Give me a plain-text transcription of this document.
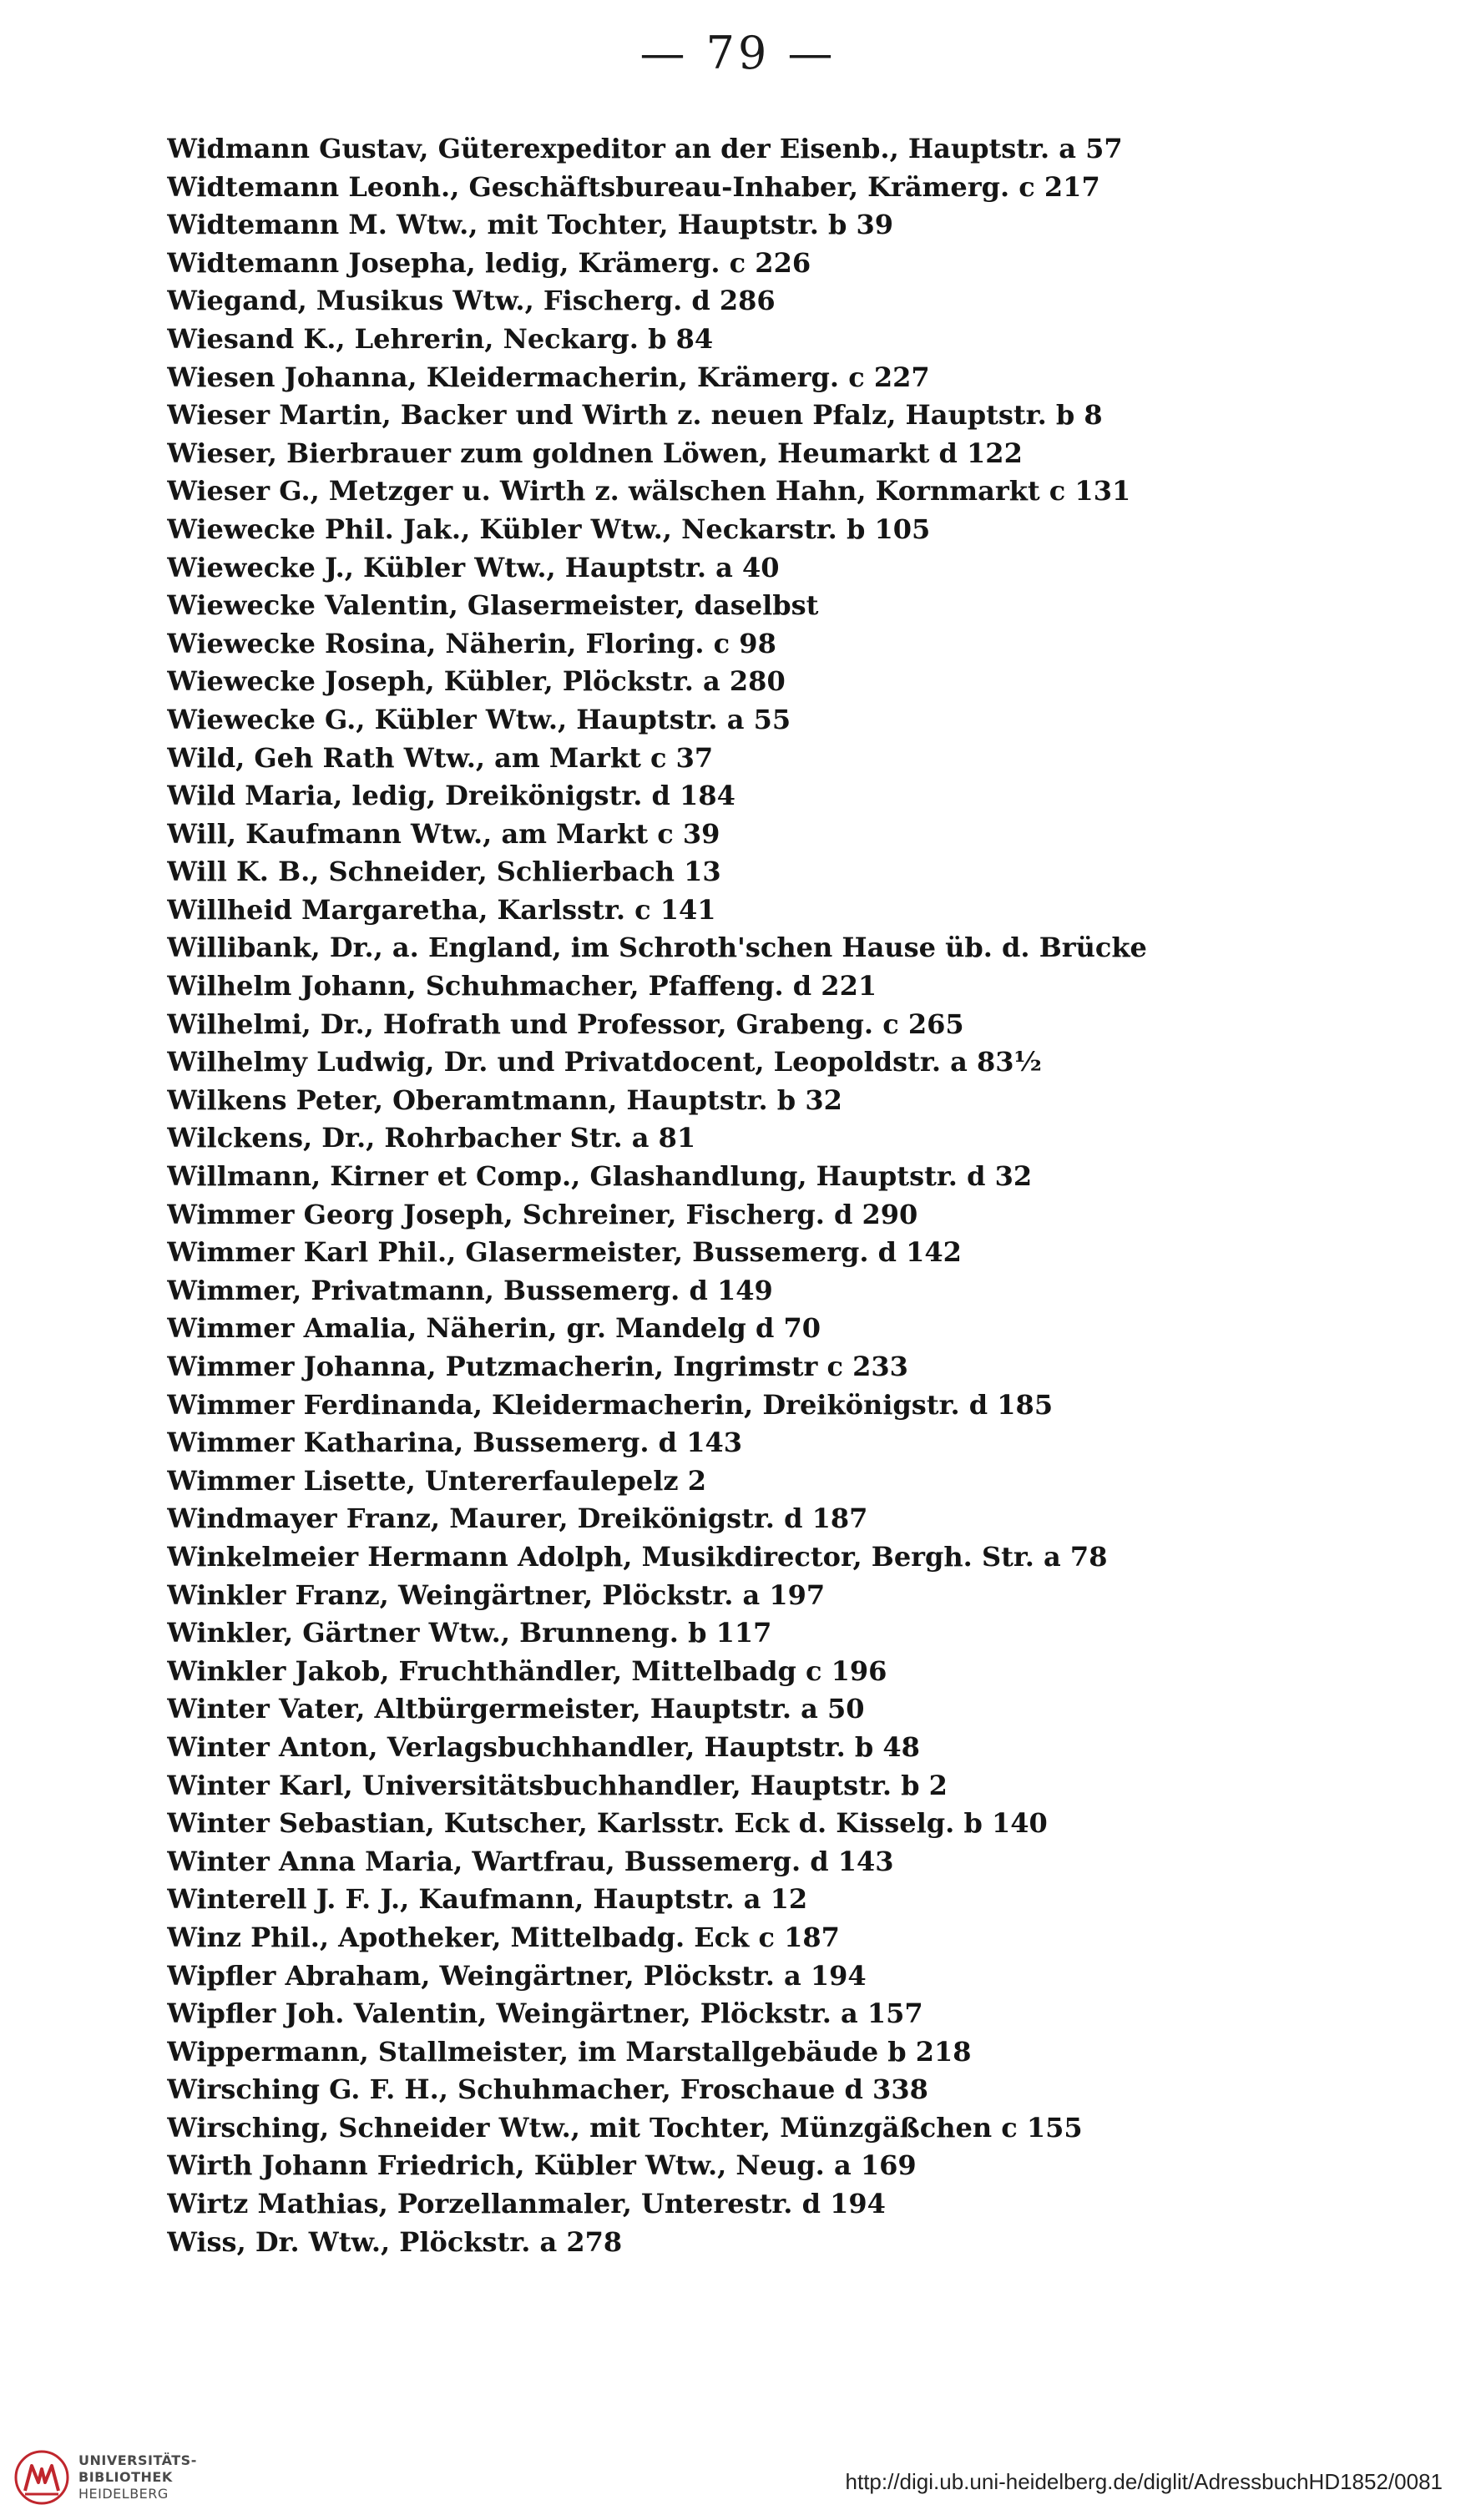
— 79 —
Widmann Gustav, Güterexpeditor an der Eisenb., Hauptstr. a 57
Widtemann Leonh., Geschäftsbureau-Inhaber, Krämerg. c 217
Widtemann M. Wtw., mit Tochter, Hauptstr. b 39
Widtemann Josepha, ledig, Krämerg. c 226
Wiegand, Musikus Wtw., Fischerg. d 286
Wiesand K., Lehrerin, Neckarg. b 84
Wiesen Johanna, Kleidermacherin, Krämerg. c 227
Wieser Martin, Backer und Wirth z. neuen Pfalz, Hauptstr. b 8
Wieser, Bierbrauer zum goldnen Löwen, Heumarkt d 122
Wieser G., Metzger u. Wirth z. wälschen Hahn, Kornmarkt c 131
Wiewecke Phil. Jak., Kübler Wtw., Neckarstr. b 105
Wiewecke J., Kübler Wtw., Hauptstr. a 40
Wiewecke Valentin, Glasermeister, daselbst
Wiewecke Rosina, Näherin, Floring. c 98
Wiewecke Joseph, Kübler, Plöckstr. a 280
Wiewecke G., Kübler Wtw., Hauptstr. a 55
Wild, Geh Rath Wtw., am Markt c 37
Wild Maria, ledig, Dreikönigstr. d 184
Will, Kaufmann Wtw., am Markt c 39
Will K. B., Schneider, Schlierbach 13
Willheid Margaretha, Karlsstr. c 141
Willibank, Dr., a. England, im Schroth'schen Hause üb. d. Brücke
Wilhelm Johann, Schuhmacher, Pfaffeng. d 221
Wilhelmi, Dr., Hofrath und Professor, Grabeng. c 265
Wilhelmy Ludwig, Dr. und Privatdocent, Leopoldstr. a 83½
Wilkens Peter, Oberamtmann, Hauptstr. b 32
Wilckens, Dr., Rohrbacher Str. a 81
Willmann, Kirner et Comp., Glashandlung, Hauptstr. d 32
Wimmer Georg Joseph, Schreiner, Fischerg. d 290
Wimmer Karl Phil., Glasermeister, Bussemerg. d 142
Wimmer, Privatmann, Bussemerg. d 149
Wimmer Amalia, Näherin, gr. Mandelg d 70
Wimmer Johanna, Putzmacherin, Ingrimstr c 233
Wimmer Ferdinanda, Kleidermacherin, Dreikönigstr. d 185
Wimmer Katharina, Bussemerg. d 143
Wimmer Lisette, Untererfaulepelz 2
Windmayer Franz, Maurer, Dreikönigstr. d 187
Winkelmeier Hermann Adolph, Musikdirector, Bergh. Str. a 78
Winkler Franz, Weingärtner, Plöckstr. a 197
Winkler, Gärtner Wtw., Brunneng. b 117
Winkler Jakob, Fruchthändler, Mittelbadg c 196
Winter Vater, Altbürgermeister, Hauptstr. a 50
Winter Anton, Verlagsbuchhandler, Hauptstr. b 48
Winter Karl, Universitätsbuchhandler, Hauptstr. b 2
Winter Sebastian, Kutscher, Karlsstr. Eck d. Kisselg. b 140
Winter Anna Maria, Wartfrau, Bussemerg. d 143
Winterell J. F. J., Kaufmann, Hauptstr. a 12
Winz Phil., Apotheker, Mittelbadg. Eck c 187
Wipfler Abraham, Weingärtner, Plöckstr. a 194
Wipfler Joh. Valentin, Weingärtner, Plöckstr. a 157
Wippermann, Stallmeister, im Marstallgebäude b 218
Wirsching G. F. H., Schuhmacher, Froschaue d 338
Wirsching, Schneider Wtw., mit Tochter, Münzgäßchen c 155
Wirth Johann Friedrich, Kübler Wtw., Neug. a 169
Wirtz Mathias, Porzellanmaler, Unterestr. d 194
Wiss, Dr. Wtw., Plöckstr. a 278
UNIVERSITÄTS-
BIBLIOTHEK
HEIDELBERG	http://digi.ub.uni-heidelberg.de/diglit/AdressbuchHD1852/0081
